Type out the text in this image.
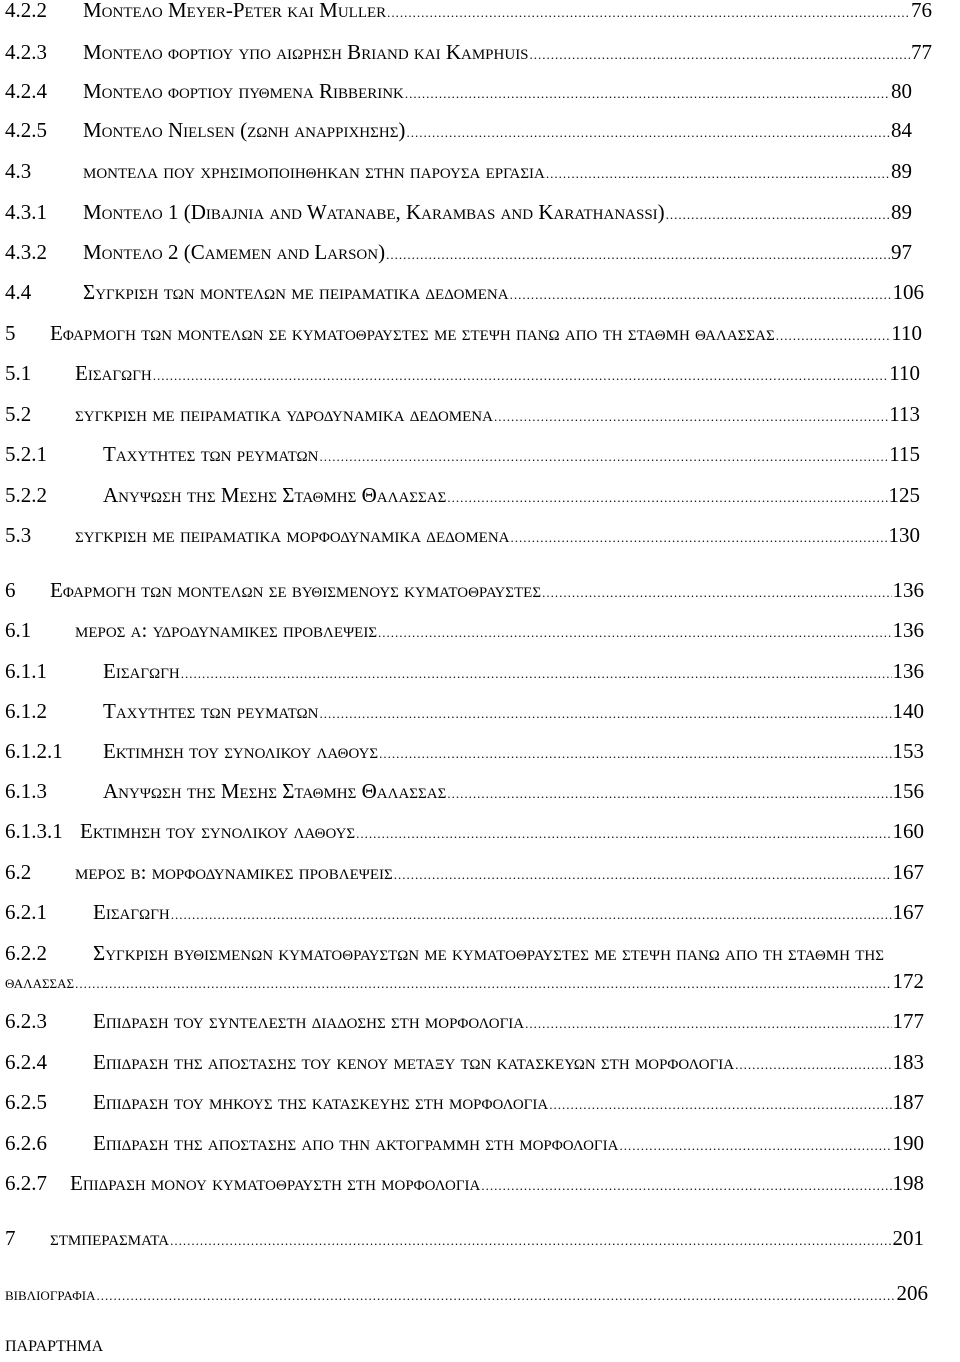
4.2.2 Μοντελο Meyer-Peter και Muller .....	76
4.2.3 Μοντελο φορτιου υπο αιωρηση Briand και Kamphuis .....	77
4.2.4 Μοντελο φορτιου πυθμενα Ribberink .....	80
4.2.5 Μοντελο Nielsen (ζωνη αναρριχησης) .....	84
4.3 μοντελα που χρησιμοποιηθηκαν στην παρουσα εργασια .....	89
4.3.1 Μοντελο 1 (Dibajnia and Watanabe, Karambas and Karathanassi) .....	89
4.3.2 Μοντελο 2 (Camemen and Larson) .....	97
4.4 Συγκριση των μοντελων με πειραματικα δεδομενα .....	106
5 Εφαρμογη των μοντελων σε κυματοθραυστες με στεψη πανω απο τη σταθμη θαλασσας .....	110
5.1 Εισαγωγη .....	110
5.2 συγκριση με πειραματικα υδροδυναμικα δεδομενα .....	113
5.2.1	Ταχυτητες των ρευματων .....	115
5.2.2	Ανυψωση της Μεσης Σταθμης Θαλασσας .....	125
5.3 συγκριση με πειραματικα μορφοδυναμικα δεδομενα .....	130
6 Εφαρμογη των μοντελων σε βυθισμενους κυματοθραυστες .....	136
6.1 μερος α: υδροδυναμικες προβλεψεις .....	136
6.1.1	Εισαγωγη .....	136
6.1.2	Ταχυτητες των ρευματων .....	140
6.1.2.1 Εκτιμηση του συνολικου λαθους .....	153
6.1.3	Ανυψωση της Μεσης Σταθμης Θαλασσας .....	156
6.1.3.1 Εκτιμηση του συνολικου λαθους .....	160
6.2 μερος β: μορφοδυναμικες προβλεψεις .....	167
6.2.1 Εισαγωγη .....	167
6.2.2 Συγκριση βυθισμενων κυματοθραυστων με κυματοθραυστες με στεψη πανω απο τη σταθμη της
θαλασσας .....	172
6.2.3 Επιδραση του συντελεστη διαδοσης στη μορφολογια .....	177
6.2.4 Επιδραση της αποστασης του κενου μεταξυ των κατασκευων στη μορφολογια .....	183
6.2.5 Επιδραση του μηκους της κατασκευης στη μορφολογια .....	187
6.2.6 Επιδραση της αποστασης απο την ακτογραμμη στη μορφολογια .....	190
6.2.7 Επιδραση μονου κυματοθραυστη στη μορφολογια .....	198
7 στμπερασματα .....	201
βιβλιογραφια .....	206
ΠΑΡΑΡΤΗΜΑ
